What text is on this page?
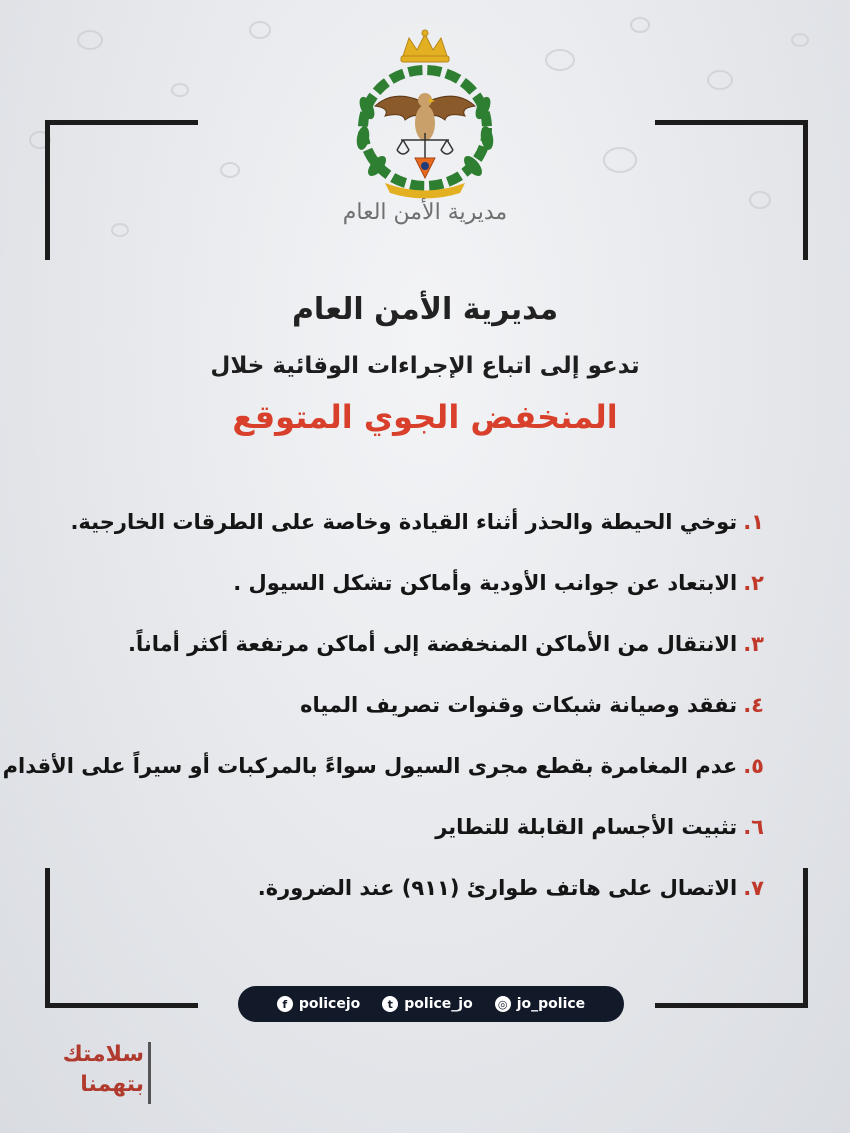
مديرية الأمن العام
مديرية الأمن العام
تدعو إلى اتباع الإجراءات الوقائية خلال
المنخفض الجوي المتوقع
١.توخي الحيطة والحذر أثناء القيادة وخاصة على الطرقات الخارجية.
٢.الابتعاد عن جوانب الأودية وأماكن تشكل السيول .
٣.الانتقال من الأماكن المنخفضة إلى أماكن مرتفعة أكثر أماناً.
٤.تفقد وصيانة شبكات وقنوات تصريف المياه
٥.عدم المغامرة بقطع مجرى السيول سواءً بالمركبات أو سيراً على الأقدام
٦.تثبيت الأجسام القابلة للتطاير
٧.الاتصال على هاتف طوارئ (٩١١) عند الضرورة.
f policejo	t police_jo ◎ jo_police
سلامتك
بتهمنا
